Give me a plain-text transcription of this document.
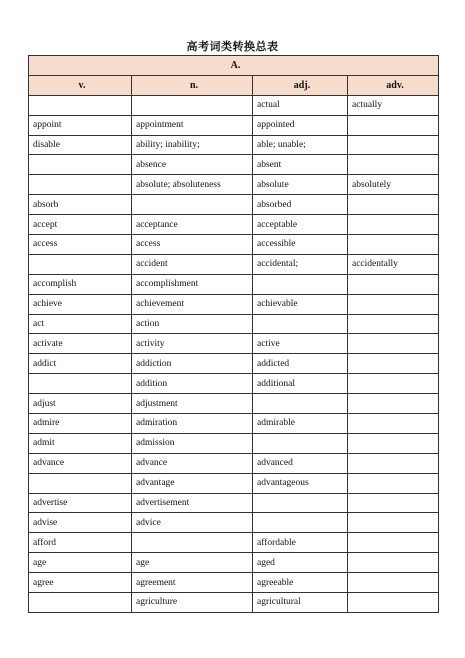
高考词类转换总表
A.			
v.	n.	adj.	adv.
		actual	actually
appoint	appointment	appointed	
disable	ability; inability;	able; unable;	
	absence	absent	
	absolute; absoluteness	absolute	absolutely
absorb		absorbed	
accept	acceptance	acceptable	
access	access	accessible	
	accident	accidental;	accidentally
accomplish	accomplishment		
achieve	achievement	achievable	
act	action		
activate	activity	active	
addict	addiction	addicted	
	addition	additional	
adjust	adjustment		
admire	admiration	admirable	
admit	admission		
advance	advance	advanced	
	advantage	advantageous	
advertise	advertisement		
advise	advice		
afford		affordable	
age	age	aged	
agree	agreement	agreeable	
	agriculture	agricultural	
